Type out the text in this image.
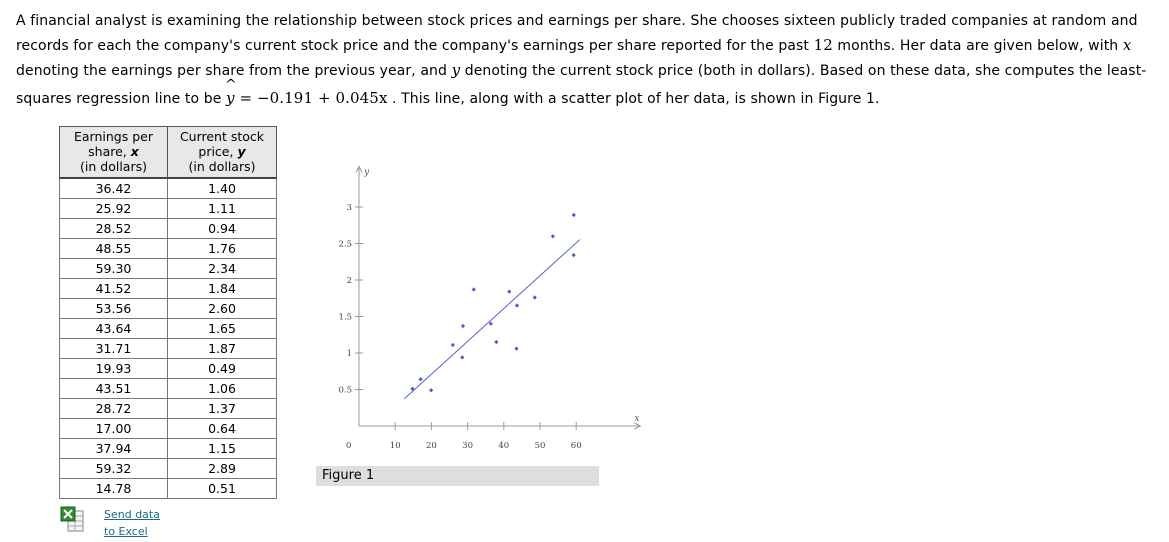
A financial analyst is examining the relationship between stock prices and earnings per share. She chooses sixteen publicly traded companies at random and
records for each the company's current stock price and the company's earnings per share reported for the past 12 months. Her data are given below, with x
denoting the earnings per share from the previous year, and y denoting the current stock price (both in dollars). Based on these data, she computes the least-
squares regression line to be
^
y = −0.191 + 0.045x . This line, along with a scatter plot of her data, is shown in Figure 1.
Earnings per
share, x
(in dollars)	Current stock
price, y
(in dollars)
36.42	1.40
25.92	1.11
28.52	0.94
48.55	1.76
59.30	2.34
41.52	1.84
53.56	2.60
43.64	1.65
31.71	1.87
19.93	0.49
43.51	1.06
28.72	1.37
17.00	0.64
37.94	1.15
59.32	2.89
14.78	0.51
Send data
to Excel
y
x
0
0.5
1
1.5
2
2.5
3
10	20	30	40	50	60
Figure 1
